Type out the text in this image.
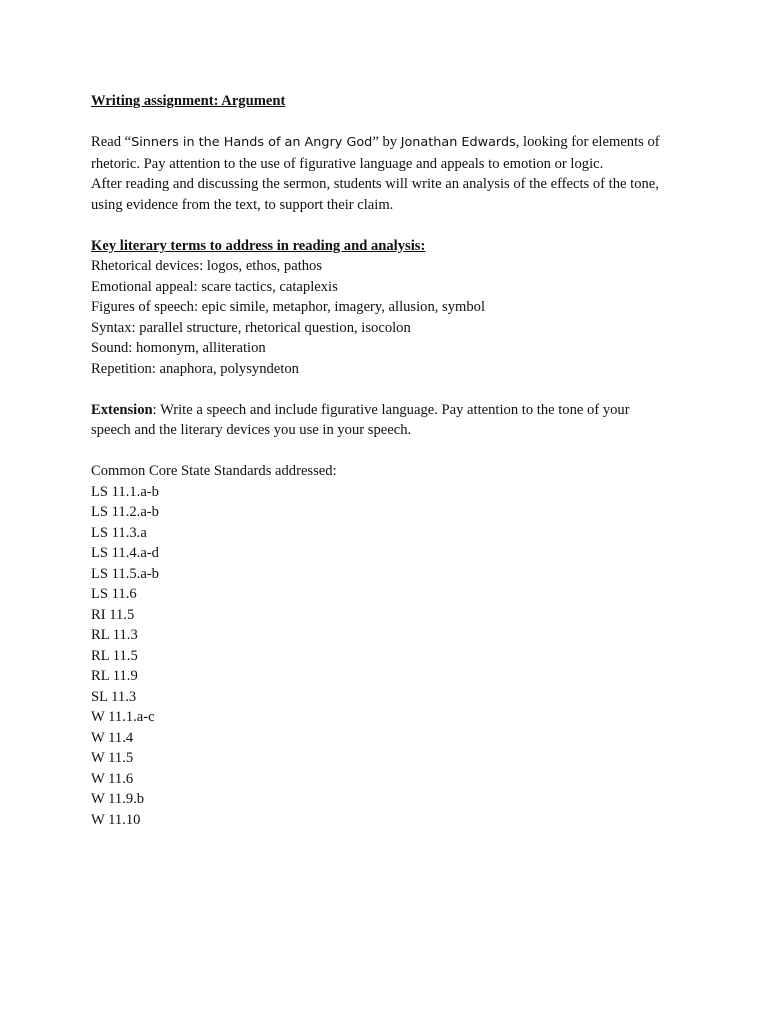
Writing assignment: Argument
Read “Sinners in the Hands of an Angry God” by Jonathan Edwards, looking for elements of
rhetoric. Pay attention to the use of figurative language and appeals to emotion or logic.
After reading and discussing the sermon, students will write an analysis of the effects of the tone,
using evidence from the text, to support their claim.
Key literary terms to address in reading and analysis:
Rhetorical devices: logos, ethos, pathos
Emotional appeal: scare tactics, cataplexis
Figures of speech: epic simile, metaphor, imagery, allusion, symbol
Syntax: parallel structure, rhetorical question, isocolon
Sound: homonym, alliteration
Repetition: anaphora, polysyndeton
Extension: Write a speech and include figurative language. Pay attention to the tone of your
speech and the literary devices you use in your speech.
Common Core State Standards addressed:
LS 11.1.a-b
LS 11.2.a-b
LS 11.3.a
LS 11.4.a-d
LS 11.5.a-b
LS 11.6
RI 11.5
RL 11.3
RL 11.5
RL 11.9
SL 11.3
W 11.1.a-c
W 11.4
W 11.5
W 11.6
W 11.9.b
W 11.10
